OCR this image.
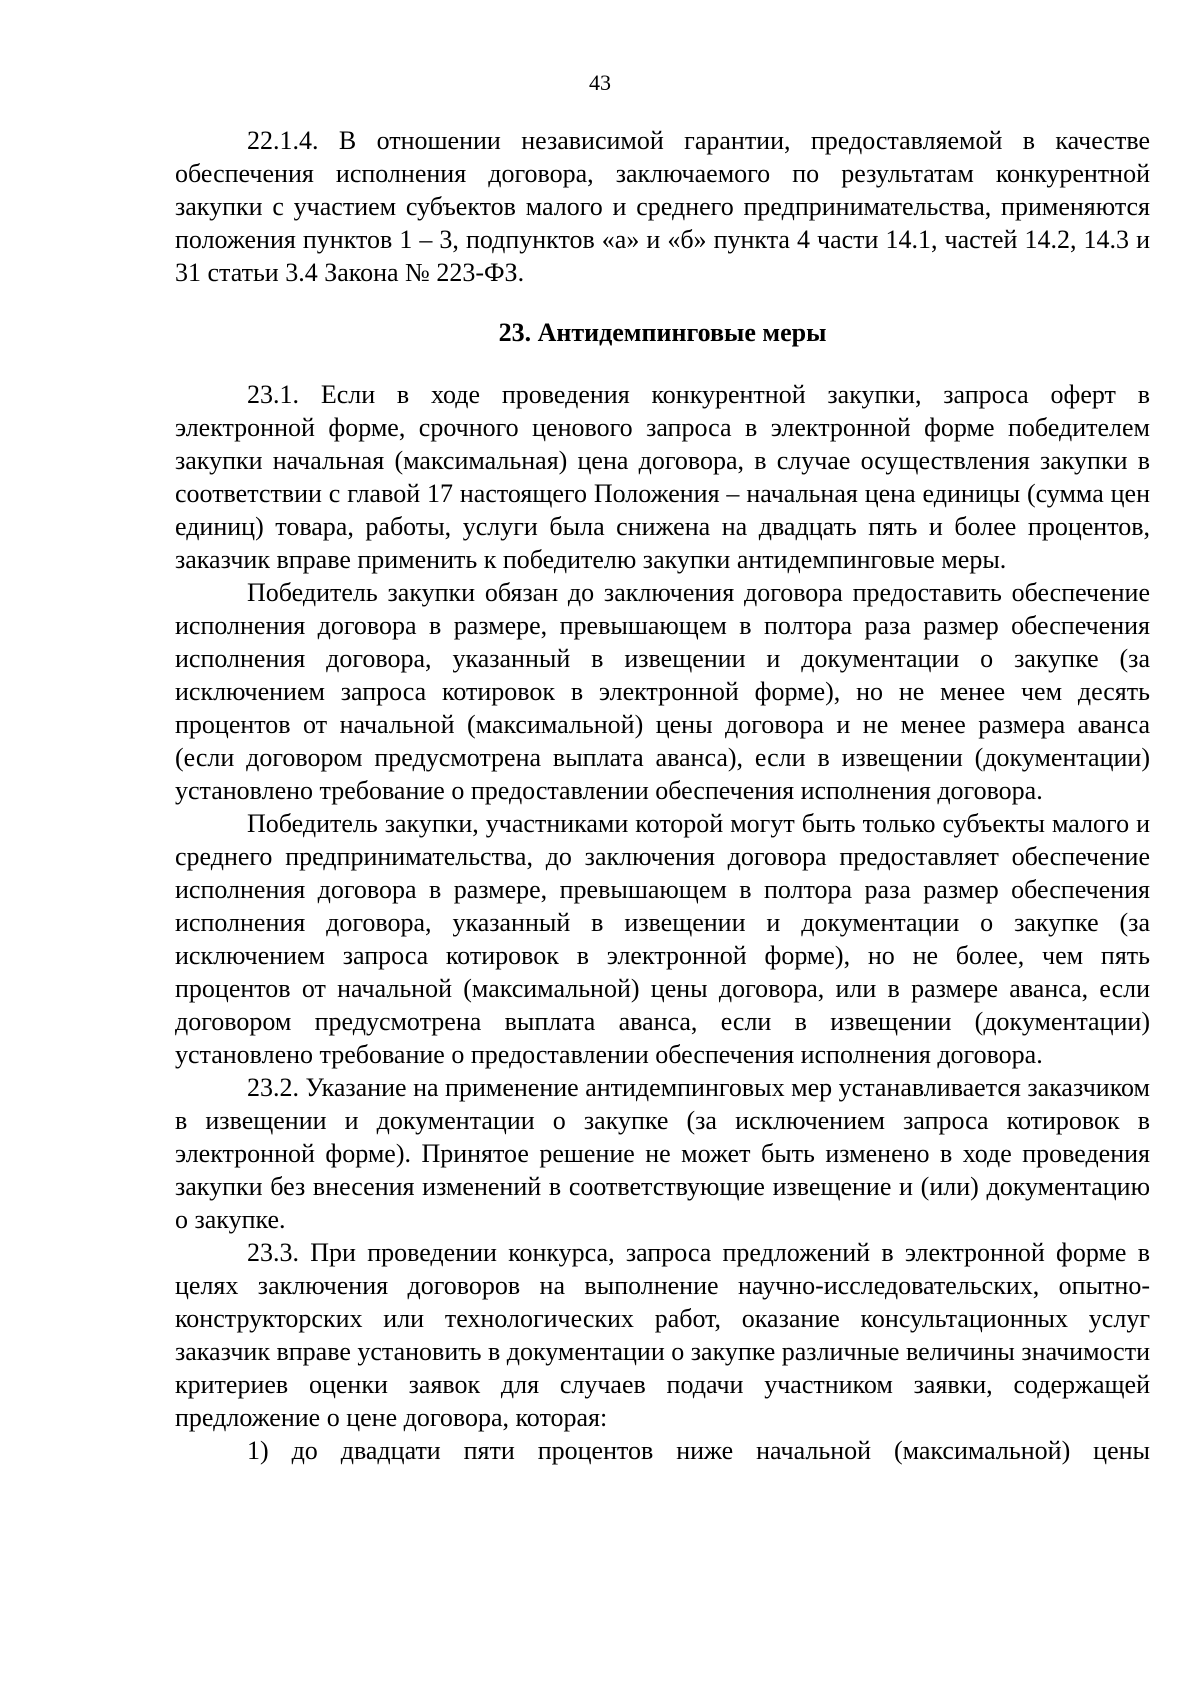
43

22.1.4. В отношении независимой гарантии, предоставляемой в качестве обеспечения исполнения договора, заключаемого по результатам конкурентной закупки с участием субъектов малого и среднего предпринимательства, применяются положения пунктов 1 – 3, подпунктов «а» и «б» пункта 4 части 14.1, частей 14.2, 14.3 и 31 статьи 3.4 Закона № 223-ФЗ.

23. Антидемпинговые меры

23.1. Если в ходе проведения конкурентной закупки, запроса оферт в электронной форме, срочного ценового запроса в электронной форме победителем закупки начальная (максимальная) цена договора, в случае осуществления закупки в соответствии с главой 17 настоящего Положения – начальная цена единицы (сумма цен единиц) товара, работы, услуги была снижена на двадцать пять и более процентов, заказчик вправе применить к победителю закупки антидемпинговые меры.

Победитель закупки обязан до заключения договора предоставить обеспечение исполнения договора в размере, превышающем в полтора раза размер обеспечения исполнения договора, указанный в извещении и документации о закупке (за исключением запроса котировок в электронной форме), но не менее чем десять процентов от начальной (максимальной) цены договора и не менее размера аванса (если договором предусмотрена выплата аванса), если в извещении (документации) установлено требование о предоставлении обеспечения исполнения договора.

Победитель закупки, участниками которой могут быть только субъекты малого и среднего предпринимательства, до заключения договора предоставляет обеспечение исполнения договора в размере, превышающем в полтора раза размер обеспечения исполнения договора, указанный в извещении и документации о закупке (за исключением запроса котировок в электронной форме), но не более, чем пять процентов от начальной (максимальной) цены договора, или в размере аванса, если договором предусмотрена выплата аванса, если в извещении (документации) установлено требование о предоставлении обеспечения исполнения договора.

23.2. Указание на применение антидемпинговых мер устанавливается заказчиком в извещении и документации о закупке (за исключением запроса котировок в электронной форме). Принятое решение не может быть изменено в ходе проведения закупки без внесения изменений в соответствующие извещение и (или) документацию о закупке.

23.3. При проведении конкурса, запроса предложений в электронной форме в целях заключения договоров на выполнение научно-исследовательских, опытно-конструкторских или технологических работ, оказание консультационных услуг заказчик вправе установить в документации о закупке различные величины значимости критериев оценки заявок для случаев подачи участником заявки, содержащей предложение о цене договора, которая:

1) до двадцати пяти процентов ниже начальной (максимальной) цены
